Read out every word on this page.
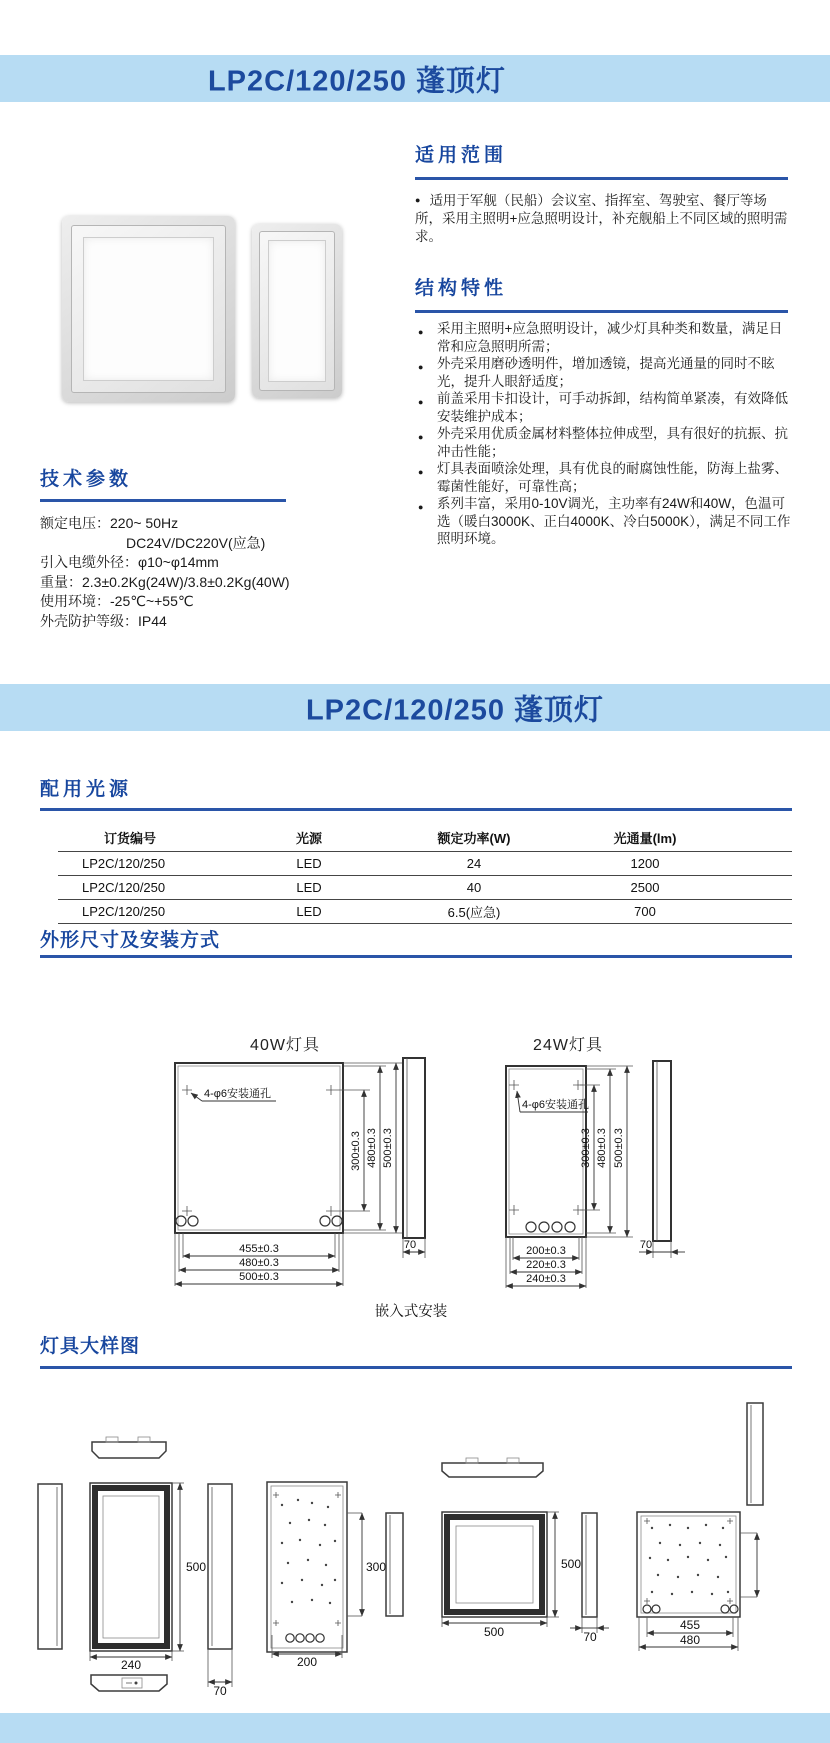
LP2C/120/250 蓬顶灯
适用范围

● 适用于军舰（民船）会议室、指挥室、驾驶室、餐厅等场所，采用主照明+应急照明设计，补充舰船上不同区域的照明需求。

结构特性
● 采用主照明+应急照明设计，减少灯具种类和数量，满足日常和应急照明所需；
● 外壳采用磨砂透明件，增加透镜，提高光通量的同时不眩光，提升人眼舒适度；
● 前盖采用卡扣设计，可手动拆卸，结构简单紧凑，有效降低安装维护成本；
● 外壳采用优质金属材料整体拉伸成型，具有很好的抗振、抗冲击性能；
● 灯具表面喷涂处理，具有优良的耐腐蚀性能，防海上盐雾、霉菌性能好，可靠性高；
● 系列丰富，采用0-10V调光，主功率有24W和40W，色温可选（暖白3000K、正白4000K、冷白5000K），满足不同工作照明环境。
技术参数
额定电压：220~ 50Hz
DC24V/DC220V(应急)
引入电缆外径：φ10~φ14mm
重量：2.3±0.2Kg(24W)/3.8±0.2Kg(40W)
使用环境：-25℃~+55℃
外壳防护等级：IP44
LP2C/120/250 蓬顶灯
配用光源
订货编号	光源	额定功率(W)	光通量(lm)
LP2C/120/250	LED	24	1200
LP2C/120/250	LED	40	2500
LP2C/120/250	LED	6.5(应急)	700
外形尺寸及安装方式
40W灯具
4-φ6安装通孔
300±0.3 480±0.3 500±0.3
70
455±0.3
480±0.3
500±0.3
24W灯具
4-φ6安装通孔
300±0.3 480±0.3 500±0.3
70
200±0.3
220±0.3
240±0.3
嵌入式安装
灯具大样图
500
240
70
300
200
500
500	70
455
480
